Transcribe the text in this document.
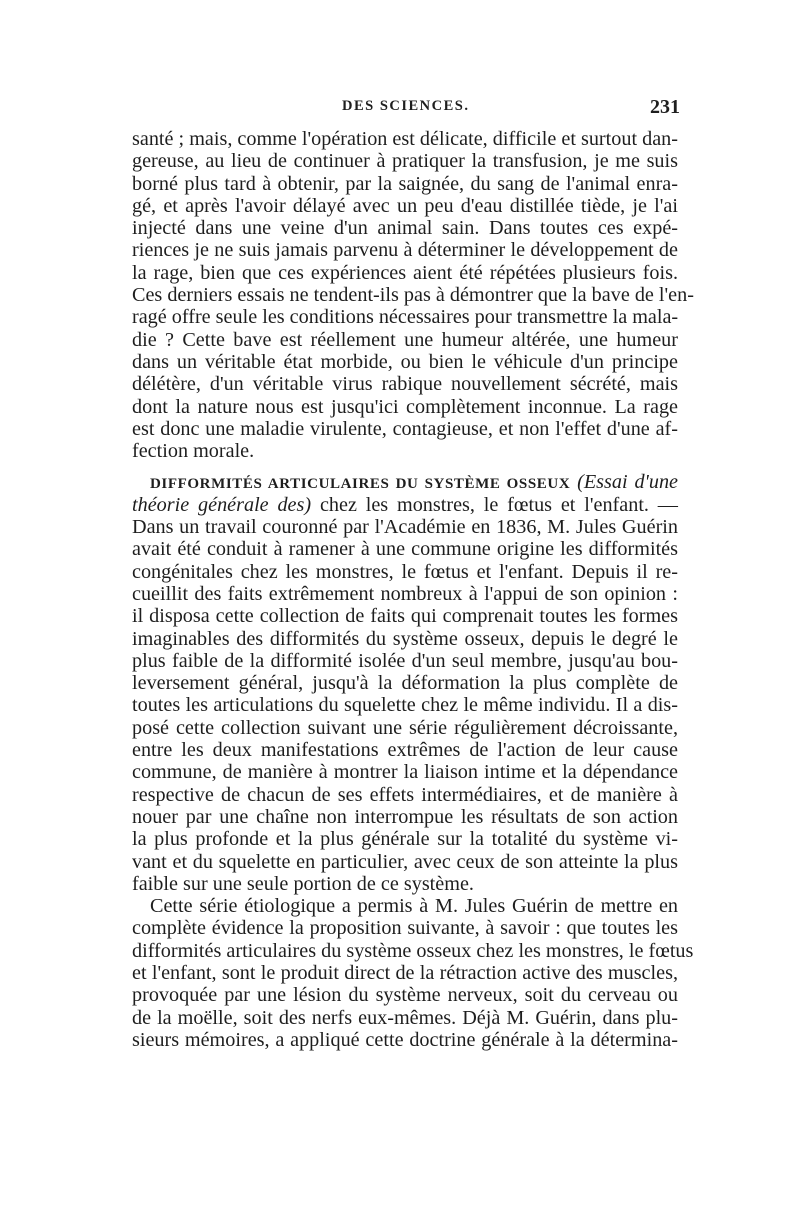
DES SCIENCES.	231
santé ; mais, comme l'opération est délicate, difficile et surtout dan-
gereuse, au lieu de continuer à pratiquer la transfusion, je me suis
borné plus tard à obtenir, par la saignée, du sang de l'animal enra-
gé, et après l'avoir délayé avec un peu d'eau distillée tiède, je l'ai
injecté dans une veine d'un animal sain. Dans toutes ces expé-
riences je ne suis jamais parvenu à déterminer le développement de
la rage, bien que ces expériences aient été répétées plusieurs fois.
Ces derniers essais ne tendent-ils pas à démontrer que la bave de l'en-
ragé offre seule les conditions nécessaires pour transmettre la mala-
die ? Cette bave est réellement une humeur altérée, une humeur
dans un véritable état morbide, ou bien le véhicule d'un principe
délétère, d'un véritable virus rabique nouvellement sécrété, mais
dont la nature nous est jusqu'ici complètement inconnue. La rage
est donc une maladie virulente, contagieuse, et non l'effet d'une af-
fection morale.
DIFFORMITÉS ARTICULAIRES DU SYSTÈME OSSEUX (Essai d'une
théorie générale des) chez les monstres, le fœtus et l'enfant. —
Dans un travail couronné par l'Académie en 1836, M. Jules Guérin
avait été conduit à ramener à une commune origine les difformités
congénitales chez les monstres, le fœtus et l'enfant. Depuis il re-
cueillit des faits extrêmement nombreux à l'appui de son opinion :
il disposa cette collection de faits qui comprenait toutes les formes
imaginables des difformités du système osseux, depuis le degré le
plus faible de la difformité isolée d'un seul membre, jusqu'au bou-
leversement général, jusqu'à la déformation la plus complète de
toutes les articulations du squelette chez le même individu. Il a dis-
posé cette collection suivant une série régulièrement décroissante,
entre les deux manifestations extrêmes de l'action de leur cause
commune, de manière à montrer la liaison intime et la dépendance
respective de chacun de ses effets intermédiaires, et de manière à
nouer par une chaîne non interrompue les résultats de son action
la plus profonde et la plus générale sur la totalité du système vi-
vant et du squelette en particulier, avec ceux de son atteinte la plus
faible sur une seule portion de ce système.
Cette série étiologique a permis à M. Jules Guérin de mettre en
complète évidence la proposition suivante, à savoir : que toutes les
difformités articulaires du système osseux chez les monstres, le fœtus
et l'enfant, sont le produit direct de la rétraction active des muscles,
provoquée par une lésion du système nerveux, soit du cerveau ou
de la moëlle, soit des nerfs eux-mêmes. Déjà M. Guérin, dans plu-
sieurs mémoires, a appliqué cette doctrine générale à la détermina-
